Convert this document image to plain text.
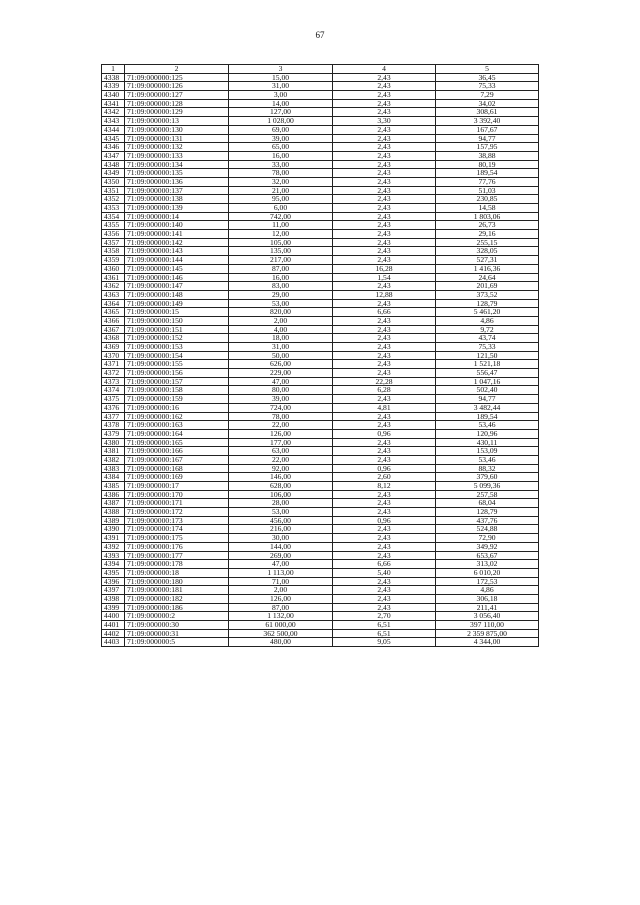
67
1	2	3	4	5
4338	71:09:000000:125	15,00	2,43	36,45
4339	71:09:000000:126	31,00	2,43	75,33
4340	71:09:000000:127	3,00	2,43	7,29
4341	71:09:000000:128	14,00	2,43	34,02
4342	71:09:000000:129	127,00	2,43	308,61
4343	71:09:000000:13	1 028,00	3,30	3 392,40
4344	71:09:000000:130	69,00	2,43	167,67
4345	71:09:000000:131	39,00	2,43	94,77
4346	71:09:000000:132	65,00	2,43	157,95
4347	71:09:000000:133	16,00	2,43	38,88
4348	71:09:000000:134	33,00	2,43	80,19
4349	71:09:000000:135	78,00	2,43	189,54
4350	71:09:000000:136	32,00	2,43	77,76
4351	71:09:000000:137	21,00	2,43	51,03
4352	71:09:000000:138	95,00	2,43	230,85
4353	71:09:000000:139	6,00	2,43	14,58
4354	71:09:000000:14	742,00	2,43	1 803,06
4355	71:09:000000:140	11,00	2,43	26,73
4356	71:09:000000:141	12,00	2,43	29,16
4357	71:09:000000:142	105,00	2,43	255,15
4358	71:09:000000:143	135,00	2,43	328,05
4359	71:09:000000:144	217,00	2,43	527,31
4360	71:09:000000:145	87,00	16,28	1 416,36
4361	71:09:000000:146	16,00	1,54	24,64
4362	71:09:000000:147	83,00	2,43	201,69
4363	71:09:000000:148	29,00	12,88	373,52
4364	71:09:000000:149	53,00	2,43	128,79
4365	71:09:000000:15	820,00	6,66	5 461,20
4366	71:09:000000:150	2,00	2,43	4,86
4367	71:09:000000:151	4,00	2,43	9,72
4368	71:09:000000:152	18,00	2,43	43,74
4369	71:09:000000:153	31,00	2,43	75,33
4370	71:09:000000:154	50,00	2,43	121,50
4371	71:09:000000:155	626,00	2,43	1 521,18
4372	71:09:000000:156	229,00	2,43	556,47
4373	71:09:000000:157	47,00	22,28	1 047,16
4374	71:09:000000:158	80,00	6,28	502,40
4375	71:09:000000:159	39,00	2,43	94,77
4376	71:09:000000:16	724,00	4,81	3 482,44
4377	71:09:000000:162	78,00	2,43	189,54
4378	71:09:000000:163	22,00	2,43	53,46
4379	71:09:000000:164	126,00	0,96	120,96
4380	71:09:000000:165	177,00	2,43	430,11
4381	71:09:000000:166	63,00	2,43	153,09
4382	71:09:000000:167	22,00	2,43	53,46
4383	71:09:000000:168	92,00	0,96	88,32
4384	71:09:000000:169	146,00	2,60	379,60
4385	71:09:000000:17	628,00	8,12	5 099,36
4386	71:09:000000:170	106,00	2,43	257,58
4387	71:09:000000:171	28,00	2,43	68,04
4388	71:09:000000:172	53,00	2,43	128,79
4389	71:09:000000:173	456,00	0,96	437,76
4390	71:09:000000:174	216,00	2,43	524,88
4391	71:09:000000:175	30,00	2,43	72,90
4392	71:09:000000:176	144,00	2,43	349,92
4393	71:09:000000:177	269,00	2,43	653,67
4394	71:09:000000:178	47,00	6,66	313,02
4395	71:09:000000:18	1 113,00	5,40	6 010,20
4396	71:09:000000:180	71,00	2,43	172,53
4397	71:09:000000:181	2,00	2,43	4,86
4398	71:09:000000:182	126,00	2,43	306,18
4399	71:09:000000:186	87,00	2,43	211,41
4400	71:09:000000:2	1 132,00	2,70	3 056,40
4401	71:09:000000:30	61 000,00	6,51	397 110,00
4402	71:09:000000:31	362 500,00	6,51	2 359 875,00
4403	71:09:000000:5	480,00	9,05	4 344,00
